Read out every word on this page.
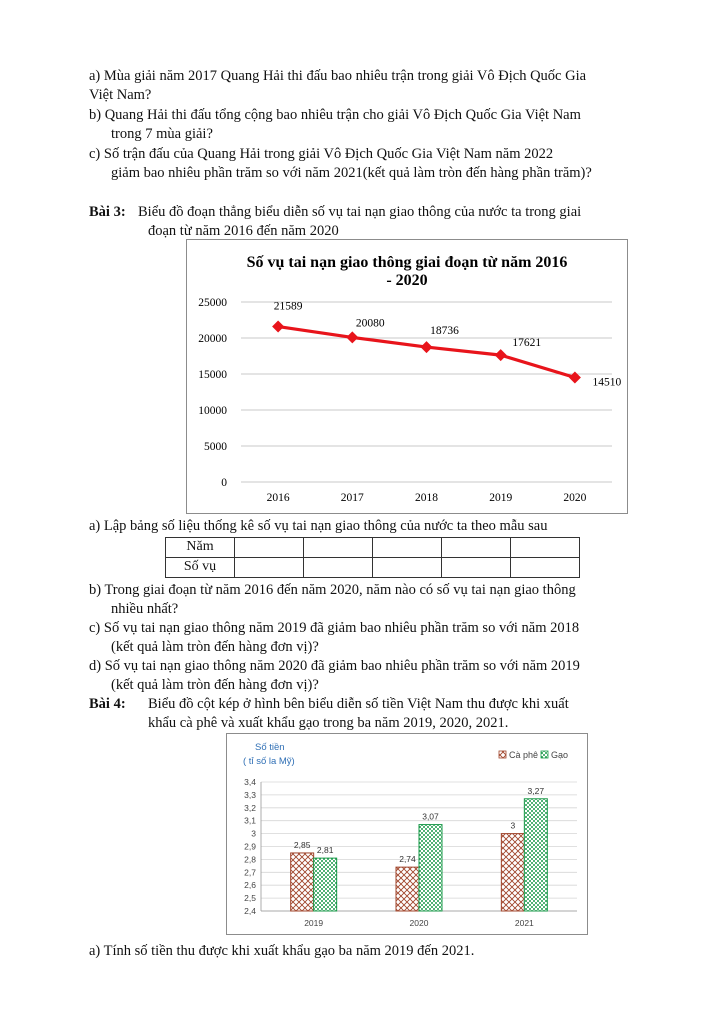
a) Mùa giải năm 2017 Quang Hải thi đấu bao nhiêu trận trong giải Vô Địch Quốc Gia
Việt Nam?
b) Quang Hải thi đấu tổng cộng bao nhiêu trận cho giải Vô Địch Quốc Gia Việt Nam
trong 7 mùa giải?
c) Số trận đấu của Quang Hải trong giải Vô Địch Quốc Gia Việt Nam năm 2022
giảm bao nhiêu phần trăm so với năm 2021(kết quả làm tròn đến hàng phần trăm)?
Bài 3: Biểu đồ đoạn thẳng biểu diễn số vụ tai nạn giao thông của nước ta trong giai
đoạn từ năm 2016 đến năm 2020
Số vụ tai nạn giao thông giai đoạn từ năm 2016
- 2020
0
5000
10000
15000
20000
25000
2016	2017	2018	2019	2020
21589
20080
18736
17621
14510
a) Lập bảng số liệu thống kê số vụ tai nạn giao thông của nước ta theo mẫu sau
Năm					
Số vụ					
b) Trong giai đoạn từ năm 2016 đến năm 2020, năm nào có số vụ tai nạn giao thông
nhiều nhất?
c) Số vụ tai nạn giao thông năm 2019 đã giảm bao nhiêu phần trăm so với năm 2018
(kết quả làm tròn đến hàng đơn vị)?
d) Số vụ tai nạn giao thông năm 2020 đã giảm bao nhiêu phần trăm so với năm 2019
(kết quả làm tròn đến hàng đơn vị)?
Bài 4: Biểu đồ cột kép ở hình bên biểu diễn số tiền Việt Nam thu được khi xuất
khẩu cà phê và xuất khẩu gạo trong ba năm 2019, 2020, 2021.
Số tiền
( tỉ số la Mỹ)
Cà phê Gạo
2,4
2,5
2,6
2,7
2,8
2,9
3
3,1
3,2
3,3
3,4
2,85
2,81
2,74
3,07
3
3,27
2019	2020	2021
a) Tính số tiền thu được khi xuất khẩu gạo ba năm 2019 đến 2021.
